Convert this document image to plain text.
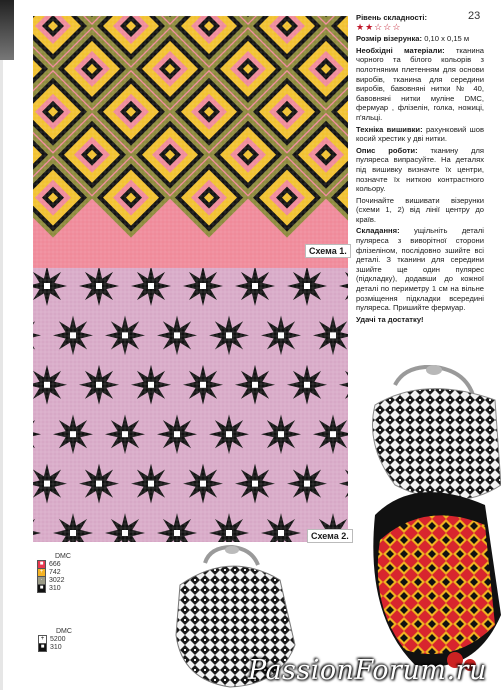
Схема 1.
Схема 2.
23

Рівень складності:
★★☆☆☆

Розмір візерунка: 0,10 x 0,15 м

Необхідні матеріали: тканина чорного та білого кольорів з полотняним плетенням для основи виробів, тканина для середини виробів, бавовняні нитки № 40, бавовняні нитки муліне DMC, фермуар , флізелін, голка, ножиці, п'яльці.

Техніка вишивки: рахунковий шов косий хрестик у дві нитки.

Опис роботи: тканину для пуляреса випрасуйте. На деталях під вишивку визначте їх центри, позначте їх ниткою контрастного кольору.

Починайте вишивати візерунки (схеми 1, 2) від лінії центру до країв.

Складання: ущільніть деталі пуляреса з виворітної сторони флізеліном, послідовно зшийте всі деталі. З тканини для середини зшийте ще один пулярес (підкладку), додавши до кожної деталі по периметру 1 см на вільне розміщення підкладки всередині пуляреса. Пришийте фермуар.

Удачі та достатку!

DMC
■ 666
+ 742
· 3022
■ 310
DMC
+ 5200
■ 310
PassionForum.ru
